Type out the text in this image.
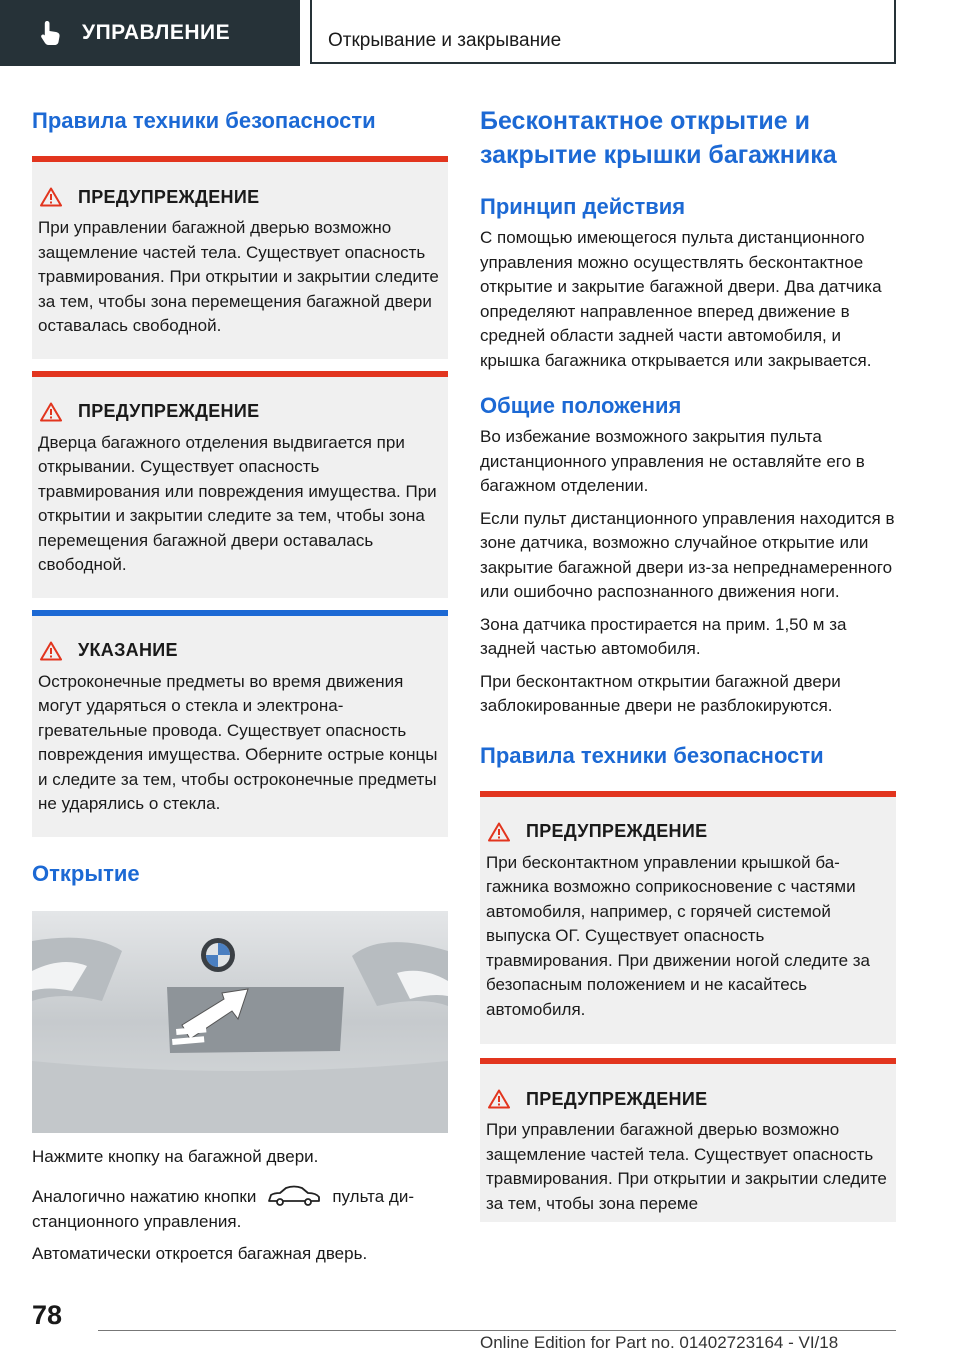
УПРАВЛЕНИЕ	Открывание и закрывание
Правила техники безопасности
ПРЕДУПРЕЖДЕНИЕ
При управлении багажной дверью возможно защемление частей тела. Существует опасность травмирования. При открытии и закрытии следите за тем, чтобы зона перемещения багажной двери оставалась свободной.
ПРЕДУПРЕЖДЕНИЕ
Дверца багажного отделения выдвигается при открывании. Существует опасность травмирования или повреждения имущества. При открытии и закрытии следите за тем, чтобы зона перемещения багажной двери оставалась свободной.
УКАЗАНИЕ
Остроконечные предметы во время движения могут ударяться о стекла и электронагревательные провода. Существует опасность повреждения имущества. Оберните острые концы и следите за тем, чтобы остроконечные предметы не ударялись о стекла.
Открытие
Нажмите кнопку на багажной двери.
Аналогично нажатию кнопки	пульта дистанционного управления.
Автоматически откроется багажная дверь.
Бесконтактное открытие и закрытие крышки багажника
Принцип действия
С помощью имеющегося пульта дистанционного управления можно осуществлять бесконтактное открытие и закрытие багажной двери. Два датчика определяют направленное вперед движение в средней области задней части автомобиля, и крышка багажника открывается или закрывается.
Общие положения
Во избежание возможного закрытия пульта дистанционного управления не оставляйте его в багажном отделении.
Если пульт дистанционного управления находится в зоне датчика, возможно случайное открытие или закрытие багажной двери из-за непреднамеренного или ошибочно распознанного движения ноги.
Зона датчика простирается на прим. 1,50 м за задней частью автомобиля.
При бесконтактном открытии багажной двери заблокированные двери не разблокируются.
Правила техники безопасности
ПРЕДУПРЕЖДЕНИЕ
При бесконтактном управлении крышкой багажника возможно соприкосновение с частями автомобиля, например, с горячей системой выпуска ОГ. Существует опасность травмирования. При движении ногой следите за безопасным положением и не касайтесь автомобиля.
ПРЕДУПРЕЖДЕНИЕ
При управлении багажной дверью возможно защемление частей тела. Существует опасность травмирования. При открытии и закрытии следите за тем, чтобы зона переме
78
Online Edition for Part no. 01402723164 - VI/18
